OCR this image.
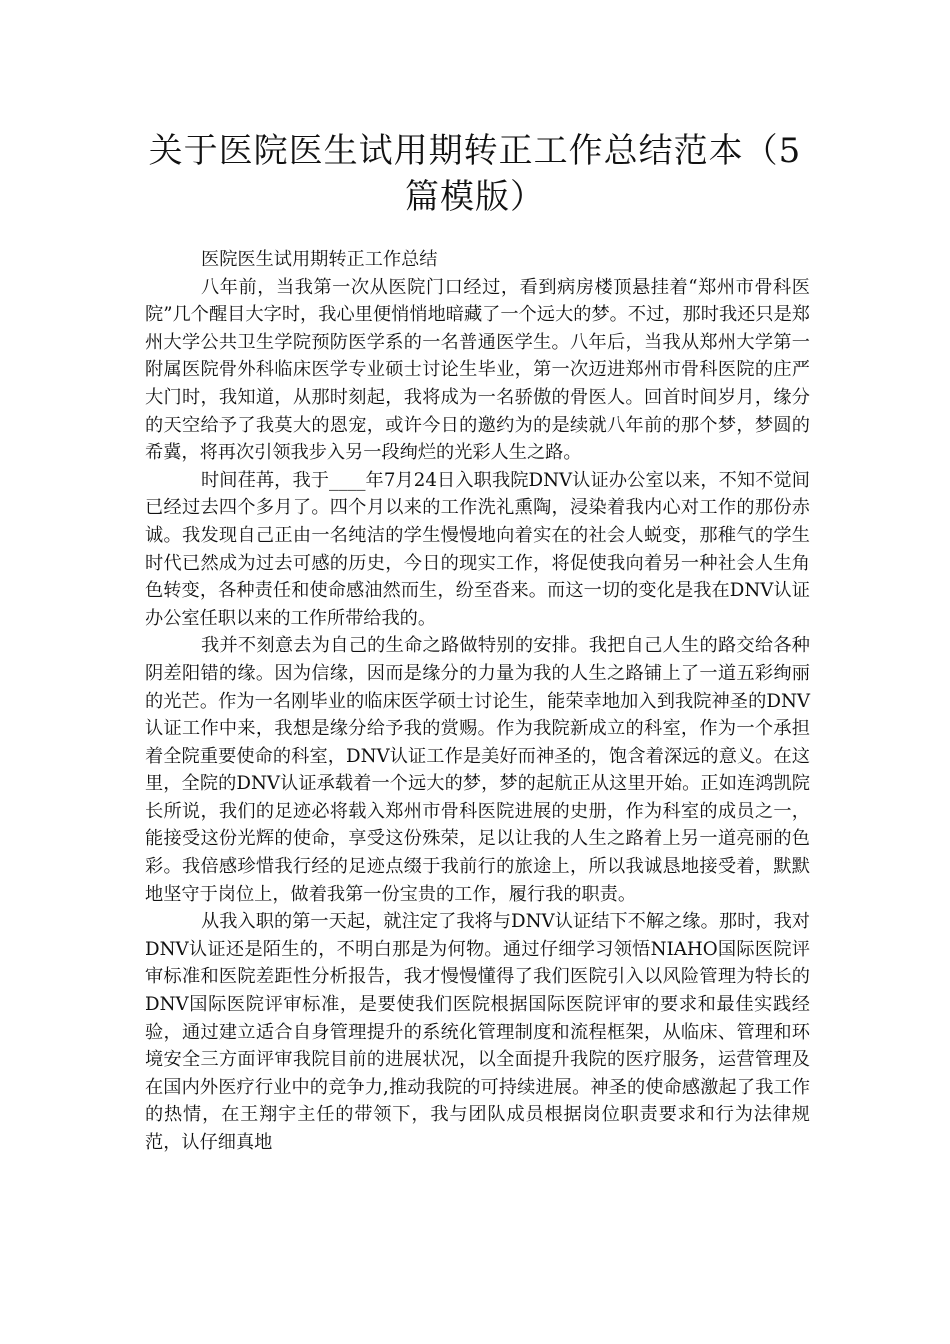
关于医院医生试用期转正工作总结范本（5篇模版）

医院医生试用期转正工作总结

八年前，当我第一次从医院门口经过，看到病房楼顶悬挂着“郑州市骨科医院”几个醒目大字时，我心里便悄悄地暗藏了一个远大的梦。不过，那时我还只是郑州大学公共卫生学院预防医学系的一名普通医学生。八年后，当我从郑州大学第一附属医院骨外科临床医学专业硕士讨论生毕业，第一次迈进郑州市骨科医院的庄严大门时，我知道，从那时刻起，我将成为一名骄傲的骨医人。回首时间岁月，缘分的天空给予了我莫大的恩宠，或许今日的邀约为的是续就八年前的那个梦，梦圆的希冀，将再次引领我步入另一段绚烂的光彩人生之路。

时间荏苒，我于____年7月24日入职我院DNV认证办公室以来，不知不觉间已经过去四个多月了。四个月以来的工作洗礼熏陶，浸染着我内心对工作的那份赤诚。我发现自己正由一名纯洁的学生慢慢地向着实在的社会人蜕变，那稚气的学生时代已然成为过去可感的历史，今日的现实工作，将促使我向着另一种社会人生角色转变，各种责任和使命感油然而生，纷至沓来。而这一切的变化是我在DNV认证办公室任职以来的工作所带给我的。

我并不刻意去为自己的生命之路做特别的安排。我把自己人生的路交给各种阴差阳错的缘。因为信缘，因而是缘分的力量为我的人生之路铺上了一道五彩绚丽的光芒。作为一名刚毕业的临床医学硕士讨论生，能荣幸地加入到我院神圣的DNV认证工作中来，我想是缘分给予我的赏赐。作为我院新成立的科室，作为一个承担着全院重要使命的科室，DNV认证工作是美好而神圣的，饱含着深远的意义。在这里，全院的DNV认证承载着一个远大的梦，梦的起航正从这里开始。正如连鸿凯院长所说，我们的足迹必将载入郑州市骨科医院进展的史册，作为科室的成员之一，能接受这份光辉的使命，享受这份殊荣，足以让我的人生之路着上另一道亮丽的色彩。我倍感珍惜我行经的足迹点缀于我前行的旅途上，所以我诚恳地接受着，默默地坚守于岗位上，做着我第一份宝贵的工作，履行我的职责。

从我入职的第一天起，就注定了我将与DNV认证结下不解之缘。那时，我对DNV认证还是陌生的，不明白那是为何物。通过仔细学习领悟NIAHO国际医院评审标准和医院差距性分析报告，我才慢慢懂得了我们医院引入以风险管理为特长的DNV国际医院评审标准，是要使我们医院根据国际医院评审的要求和最佳实践经验，通过建立适合自身管理提升的系统化管理制度和流程框架，从临床、管理和环境安全三方面评审我院目前的进展状况，以全面提升我院的医疗服务，运营管理及在国内外医疗行业中的竞争力,推动我院的可持续进展。神圣的使命感激起了我工作的热情，在王翔宇主任的带领下，我与团队成员根据岗位职责要求和行为法律规范，认仔细真地
